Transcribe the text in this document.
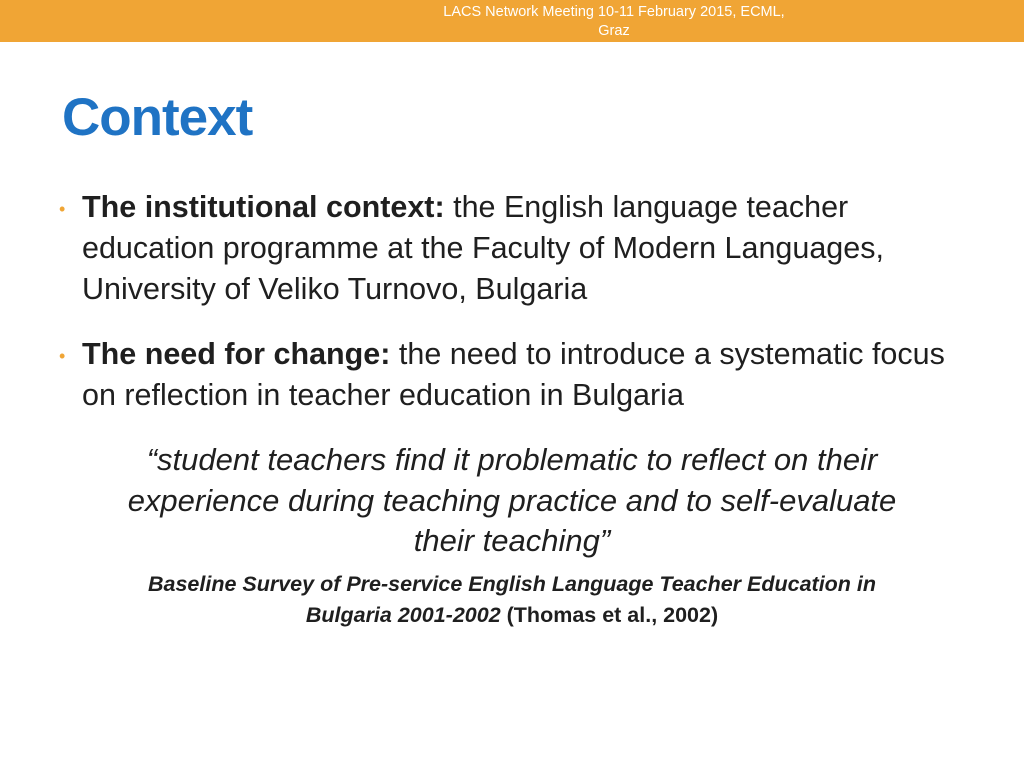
LACS Network Meeting 10-11 February 2015, ECML,
Graz
Context
• The institutional context: the English language teacher education programme at the Faculty of Modern Languages, University of Veliko Turnovo, Bulgaria
• The need for change: the need to introduce a systematic focus on reflection in teacher education in Bulgaria
“student teachers find it problematic to reflect on their
experience during teaching practice and to self-evaluate
their teaching”
Baseline Survey of Pre-service English Language Teacher Education in
Bulgaria 2001-2002 (Thomas et al., 2002)
